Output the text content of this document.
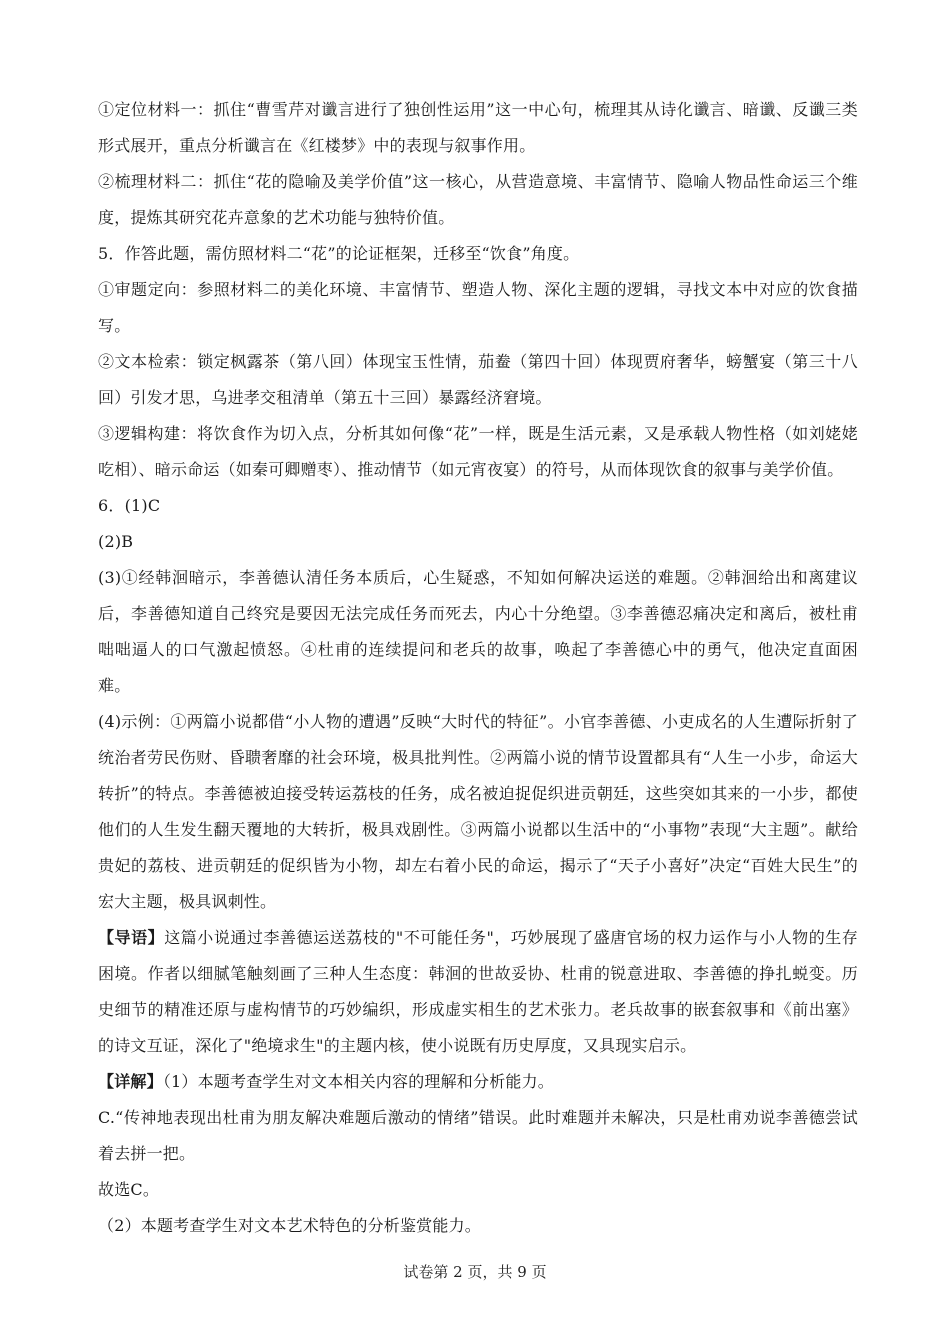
①定位材料一：抓住“曹雪芹对谶言进行了独创性运用”这一中心句，梳理其从诗化谶言、暗谶、反谶三类形式展开，重点分析谶言在《红楼梦》中的表现与叙事作用。

②梳理材料二：抓住“花的隐喻及美学价值”这一核心，从营造意境、丰富情节、隐喻人物品性命运三个维度，提炼其研究花卉意象的艺术功能与独特价值。

5．作答此题，需仿照材料二“花”的论证框架，迁移至“饮食”角度。

①审题定向：参照材料二的美化环境、丰富情节、塑造人物、深化主题的逻辑，寻找文本中对应的饮食描写。

②文本检索：锁定枫露茶（第八回）体现宝玉性情，茄鲞（第四十回）体现贾府奢华，螃蟹宴（第三十八回）引发才思，乌进孝交租清单（第五十三回）暴露经济窘境。

③逻辑构建：将饮食作为切入点，分析其如何像“花”一样，既是生活元素，又是承载人物性格（如刘姥姥吃相）、暗示命运（如秦可卿赠枣）、推动情节（如元宵夜宴）的符号，从而体现饮食的叙事与美学价值。

6．(1)C

(2)B

(3)①经韩洄暗示，李善德认清任务本质后，心生疑惑，不知如何解决运送的难题。②韩洄给出和离建议后，李善德知道自己终究是要因无法完成任务而死去，内心十分绝望。③李善德忍痛决定和离后，被杜甫咄咄逼人的口气激起愤怒。④杜甫的连续提问和老兵的故事，唤起了李善德心中的勇气，他决定直面困难。

(4)示例：①两篇小说都借“小人物的遭遇”反映“大时代的特征”。小官李善德、小吏成名的人生遭际折射了统治者劳民伤财、昏聩奢靡的社会环境，极具批判性。②两篇小说的情节设置都具有“人生一小步，命运大转折”的特点。李善德被迫接受转运荔枝的任务，成名被迫捉促织进贡朝廷，这些突如其来的一小步，都使他们的人生发生翻天覆地的大转折，极具戏剧性。③两篇小说都以生活中的“小事物”表现“大主题”。献给贵妃的荔枝、进贡朝廷的促织皆为小物，却左右着小民的命运，揭示了“天子小喜好”决定“百姓大民生”的宏大主题，极具讽刺性。

【导语】这篇小说通过李善德运送荔枝的"不可能任务"，巧妙展现了盛唐官场的权力运作与小人物的生存困境。作者以细腻笔触刻画了三种人生态度：韩洄的世故妥协、杜甫的锐意进取、李善德的挣扎蜕变。历史细节的精准还原与虚构情节的巧妙编织，形成虚实相生的艺术张力。老兵故事的嵌套叙事和《前出塞》的诗文互证，深化了"绝境求生"的主题内核，使小说既有历史厚度，又具现实启示。

【详解】（1）本题考查学生对文本相关内容的理解和分析能力。

C.“传神地表现出杜甫为朋友解决难题后激动的情绪”错误。此时难题并未解决，只是杜甫劝说李善德尝试着去拼一把。

故选C。

（2）本题考查学生对文本艺术特色的分析鉴赏能力。

试卷第 2 页，共 9 页
